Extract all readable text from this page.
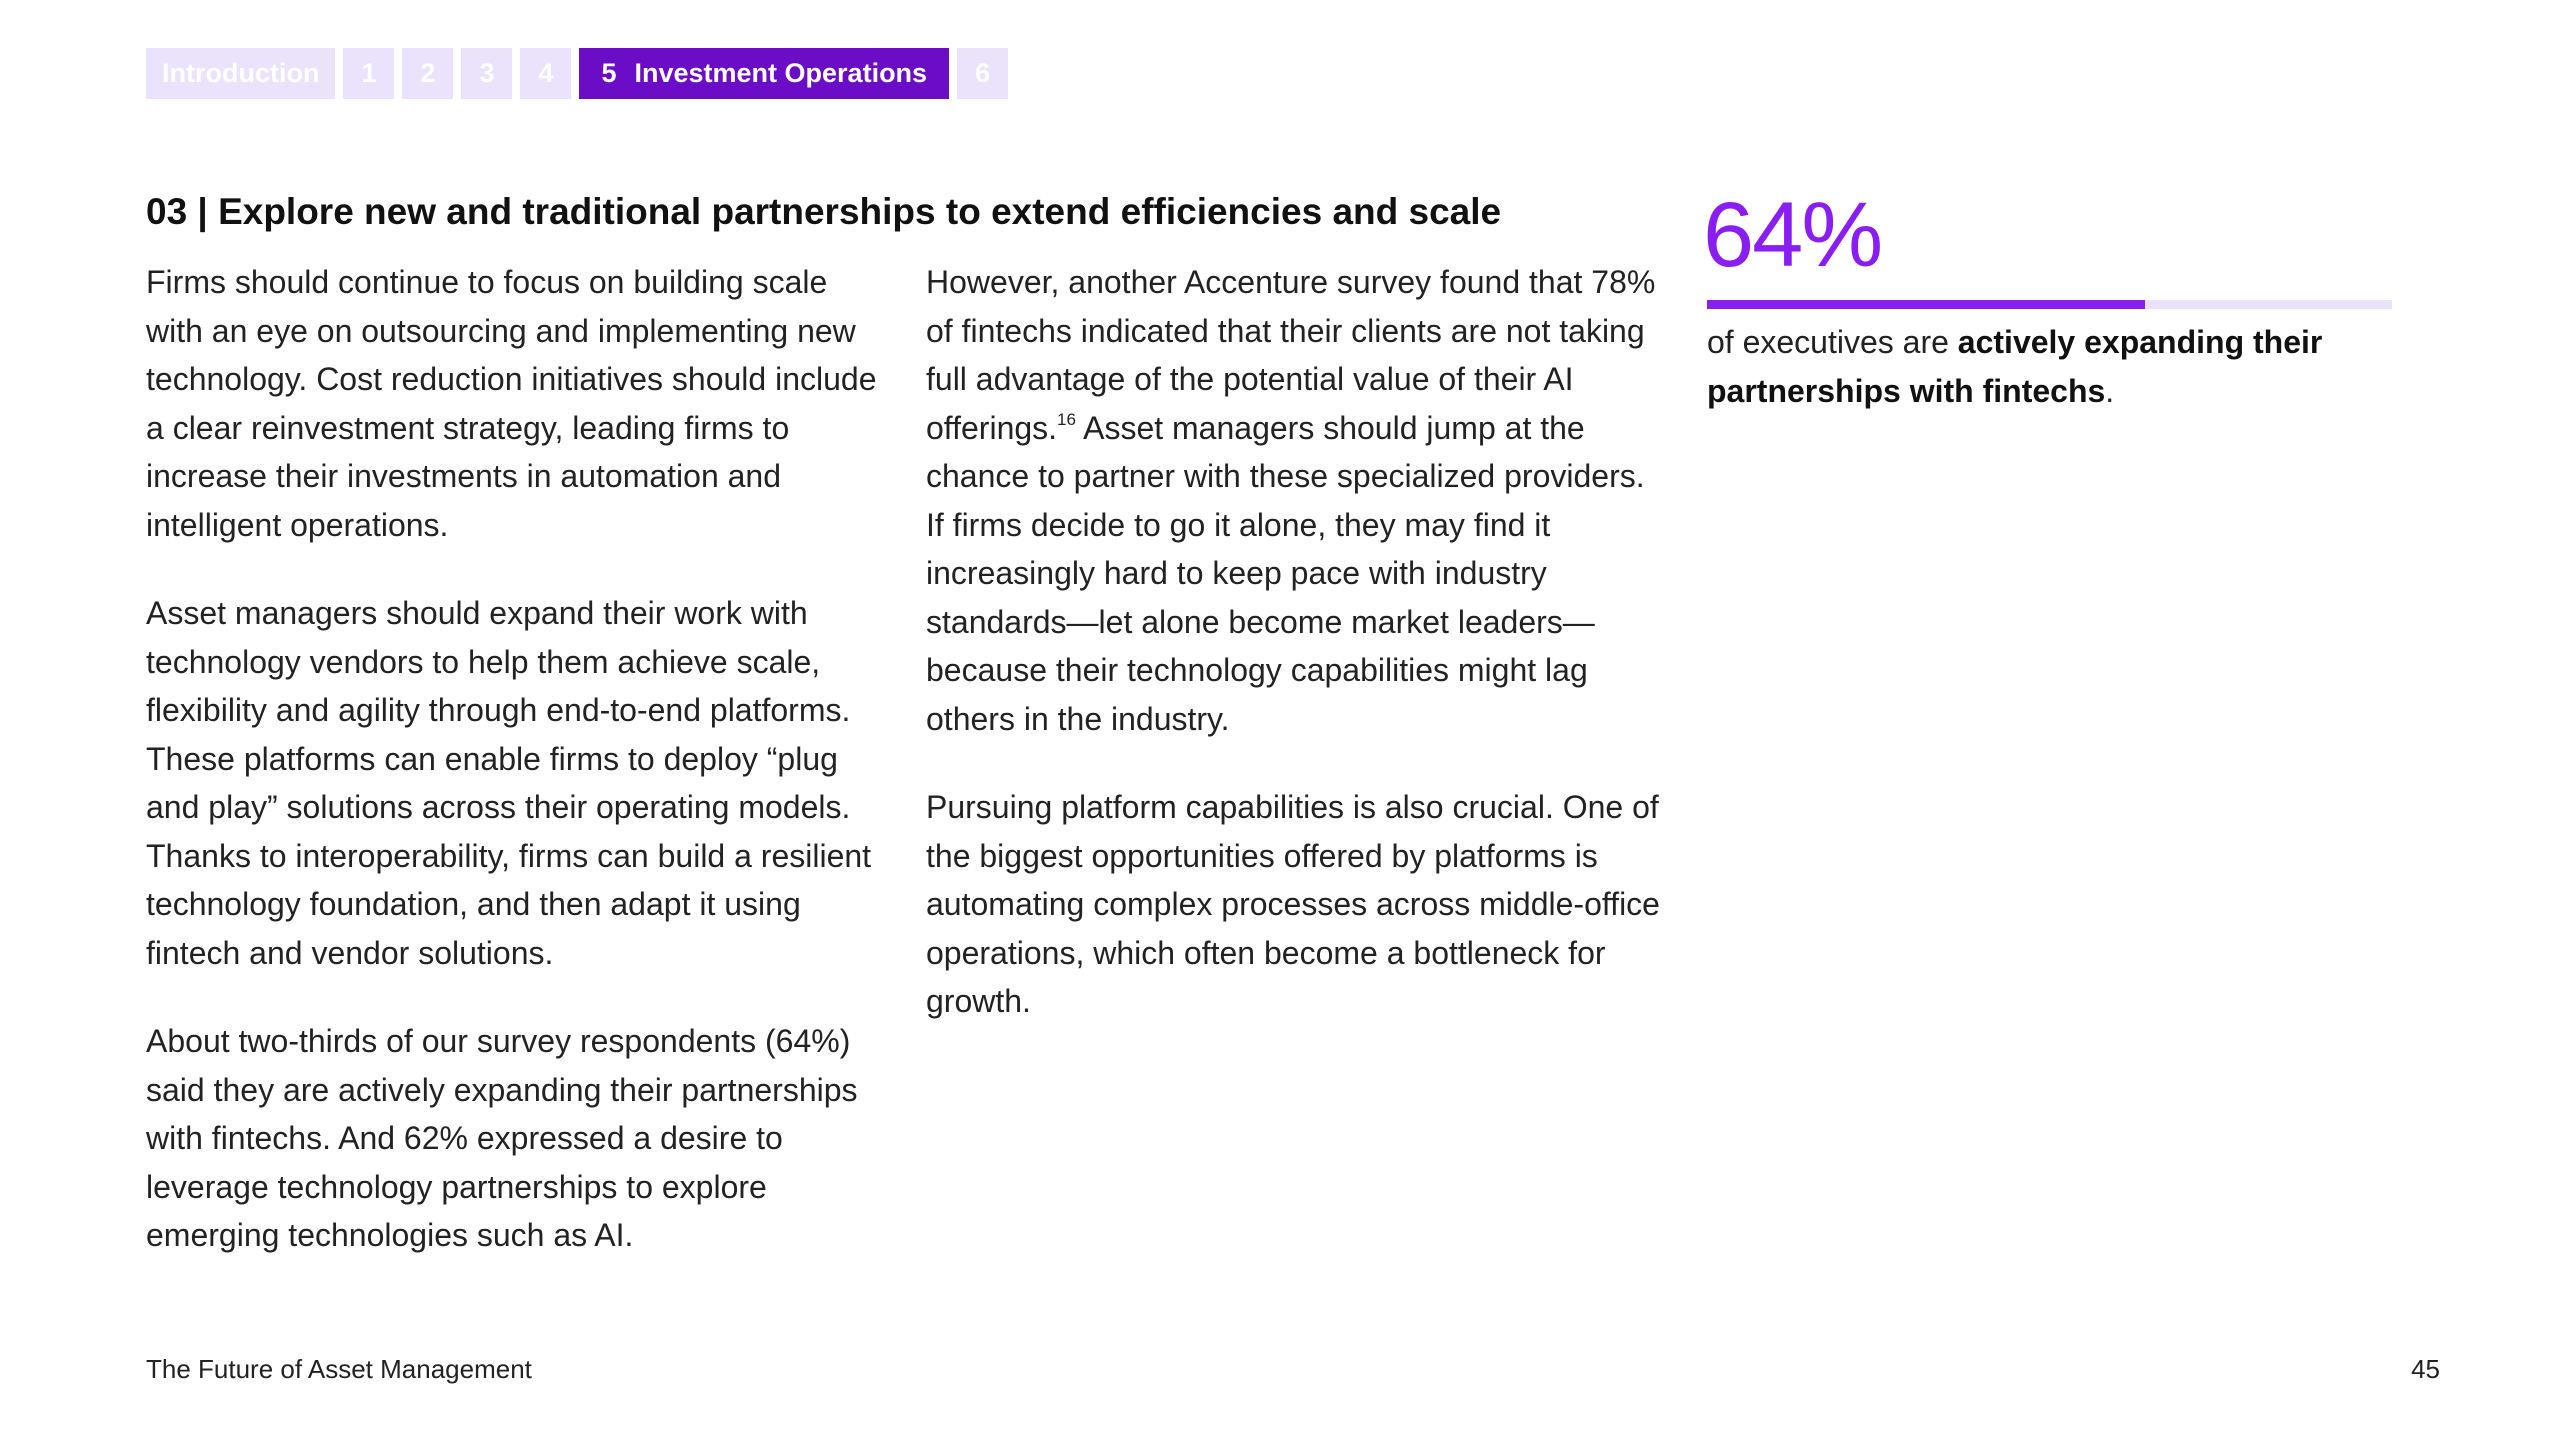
Introduction	1	2	3	4	5 Investment Operations	6
03 | Explore new and traditional partnerships to extend efficiencies and scale

Firms should continue to focus on building scale with an eye on outsourcing and implementing new technology. Cost reduction initiatives should include a clear reinvestment strategy, leading firms to increase their investments in automation and intelligent operations.

Asset managers should expand their work with technology vendors to help them achieve scale, flexibility and agility through end-to-end platforms. These platforms can enable firms to deploy “plug and play” solutions across their operating models. Thanks to interoperability, firms can build a resilient technology foundation, and then adapt it using fintech and vendor solutions.

About two-thirds of our survey respondents (64%) said they are actively expanding their partnerships with fintechs. And 62% expressed a desire to leverage technology partnerships to explore emerging technologies such as AI.

However, another Accenture survey found that 78% of fintechs indicated that their clients are not taking full advantage of the potential value of their AI offerings.$^{16}$ Asset managers should jump at the chance to partner with these specialized providers. If firms decide to go it alone, they may find it increasingly hard to keep pace with industry standards—let alone become market leaders—because their technology capabilities might lag others in the industry.

Pursuing platform capabilities is also crucial. One of the biggest opportunities offered by platforms is automating complex processes across middle-office operations, which often become a bottleneck for growth.

64%
of executives are actively expanding their partnerships with fintechs.
The Future of Asset Management	45
